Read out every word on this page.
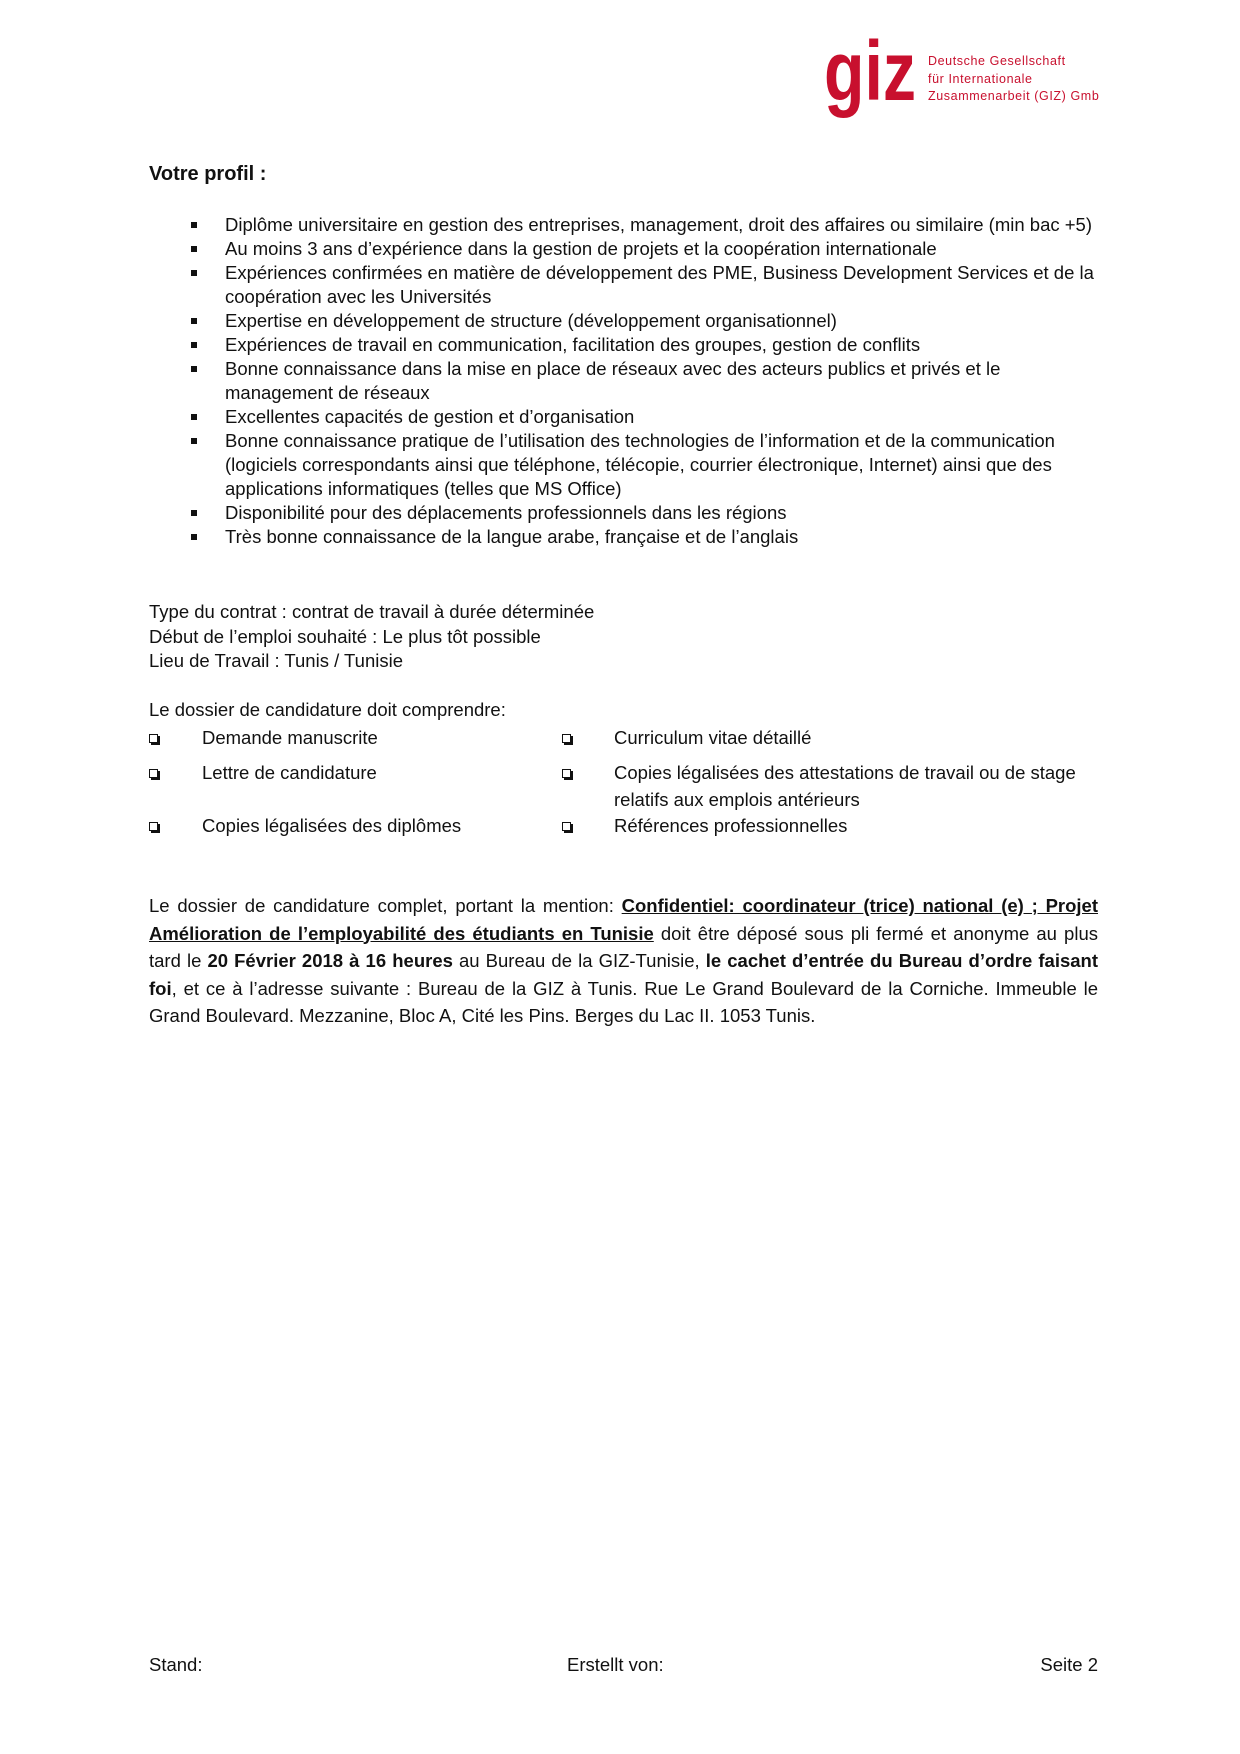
giz Deutsche Gesellschaft
für Internationale
Zusammenarbeit (GIZ) Gmb
Votre profil :
Diplôme universitaire en gestion des entreprises, management, droit des affaires ou similaire (min bac +5)
Au moins 3 ans d’expérience dans la gestion de projets et la coopération internationale
Expériences confirmées en matière de développement des PME, Business Development Services et de la coopération avec les Universités
Expertise en développement de structure (développement organisationnel)
Expériences de travail en communication, facilitation des groupes, gestion de conflits
Bonne connaissance dans la mise en place de réseaux avec des acteurs publics et privés et le management de réseaux
Excellentes capacités de gestion et d’organisation
Bonne connaissance pratique de l’utilisation des technologies de l’information et de la communication (logiciels correspondants ainsi que téléphone, télécopie, courrier électronique, Internet) ainsi que des applications informatiques (telles que MS Office)
Disponibilité pour des déplacements professionnels dans les régions
Très bonne connaissance de la langue arabe, française et de l’anglais
Type du contrat : contrat de travail à durée déterminée
Début de l’emploi souhaité : Le plus tôt possible
Lieu de Travail : Tunis / Tunisie
Le dossier de candidature doit comprendre:
Demande manuscrite	Curriculum vitae détaillé
Lettre de candidature	Copies légalisées des attestations de travail ou de stage relatifs aux emplois antérieurs
Copies légalisées des diplômes	Références professionnelles

Le dossier de candidature complet, portant la mention: Confidentiel: coordinateur (trice) national (e) ; Projet Amélioration de l’employabilité des étudiants en Tunisie doit être déposé sous pli fermé et anonyme au plus tard le 20 Février 2018 à 16 heures au Bureau de la GIZ-Tunisie, le cachet d’entrée du Bureau d’ordre faisant foi, et ce à l’adresse suivante : Bureau de la GIZ à Tunis. Rue Le Grand Boulevard de la Corniche. Immeuble le Grand Boulevard. Mezzanine, Bloc A, Cité les Pins. Berges du Lac II. 1053 Tunis.

Stand:	Erstellt von:	Seite 2
